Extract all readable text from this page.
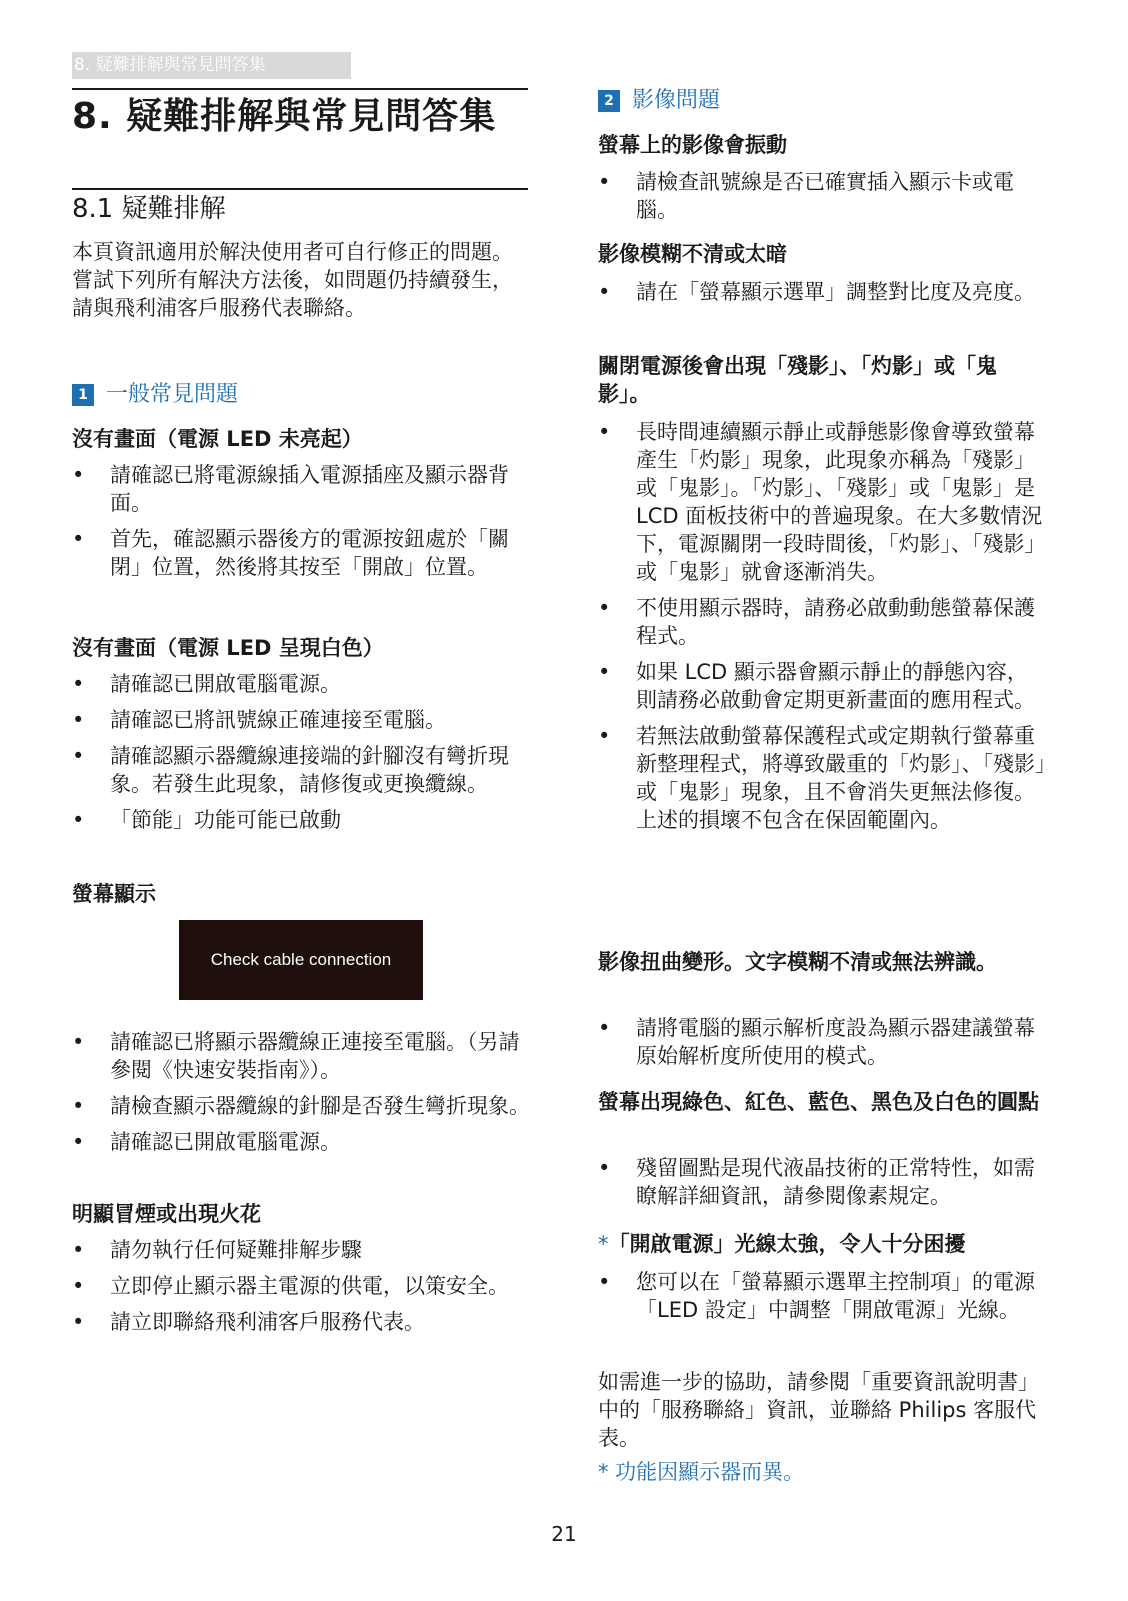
8. 疑難排解與常見問答集
8. 疑難排解與常見問答集
8.1 疑難排解
本頁資訊適用於解決使用者可自行修正的問題。嘗試下列所有解決方法後，如問題仍持續發生，請與飛利浦客戶服務代表聯絡。
1 一般常見問題
沒有畫面（電源 LED 未亮起）
•	請確認已將電源線插入電源插座及顯示器背面。
•	首先，確認顯示器後方的電源按鈕處於「關閉」位置，然後將其按至「開啟」位置。
沒有畫面（電源 LED 呈現白色）
•	請確認已開啟電腦電源。
•	請確認已將訊號線正確連接至電腦。
•	請確認顯示器纜線連接端的針腳沒有彎折現象。若發生此現象，請修復或更換纜線。
•	「節能」功能可能已啟動
螢幕顯示
Check cable connection
•	請確認已將顯示器纜線正連接至電腦。（另請參閱《快速安裝指南》）。
•	請檢查顯示器纜線的針腳是否發生彎折現象。
•	請確認已開啟電腦電源。
明顯冒煙或出現火花
•	請勿執行任何疑難排解步驟
•	立即停止顯示器主電源的供電，以策安全。
•	請立即聯絡飛利浦客戶服務代表。
2 影像問題
螢幕上的影像會振動
•	請檢查訊號線是否已確實插入顯示卡或電腦。
影像模糊不清或太暗
•	請在「螢幕顯示選單」調整對比度及亮度。
關閉電源後會出現「殘影」、「灼影」或「鬼影」。
•	長時間連續顯示靜止或靜態影像會導致螢幕產生「灼影」現象，此現象亦稱為「殘影」或「鬼影」。「灼影」、「殘影」或「鬼影」是 LCD 面板技術中的普遍現象。在大多數情況下，電源關閉一段時間後，「灼影」、「殘影」或「鬼影」就會逐漸消失。
•	不使用顯示器時，請務必啟動動態螢幕保護程式。
•	如果 LCD 顯示器會顯示靜止的靜態內容，則請務必啟動會定期更新畫面的應用程式。
•	若無法啟動螢幕保護程式或定期執行螢幕重新整理程式，將導致嚴重的「灼影」、「殘影」或「鬼影」現象，且不會消失更無法修復。上述的損壞不包含在保固範圍內。
影像扭曲變形。文字模糊不清或無法辨識。
•	請將電腦的顯示解析度設為顯示器建議螢幕原始解析度所使用的模式。
螢幕出現綠色、紅色、藍色、黑色及白色的圓點
•	殘留圖點是現代液晶技術的正常特性，如需瞭解詳細資訊，請參閱像素規定。
*「開啟電源」光線太強，令人十分困擾
•	您可以在「螢幕顯示選單主控制項」的電源「LED 設定」中調整「開啟電源」光線。
如需進一步的協助，請參閱「重要資訊說明書」中的「服務聯絡」資訊，並聯絡 Philips 客服代表。
* 功能因顯示器而異。
21
